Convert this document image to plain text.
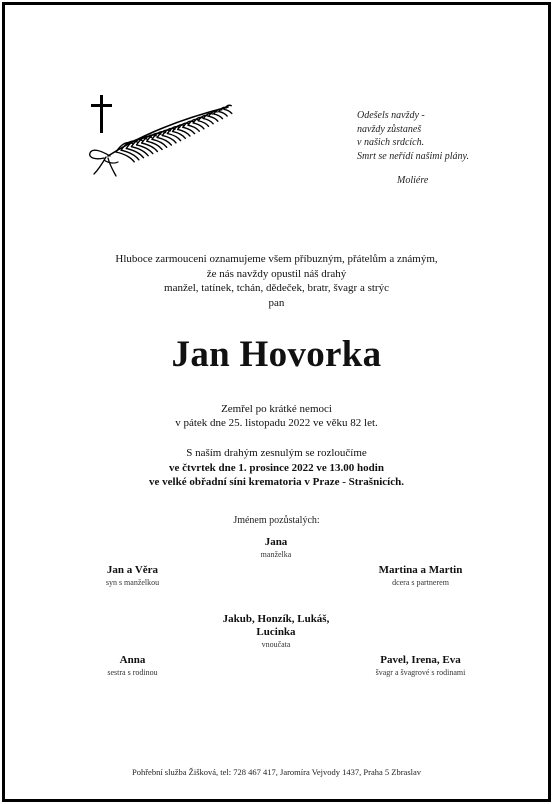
Odešels navždy -
navždy zůstaneš
v našich srdcích.
Smrt se neřídí našimi plány.
Moliére
Hluboce zarmouceni oznamujeme všem příbuzným, přátelům a známým,
že nás navždy opustil náš drahý
manžel, tatínek, tchán, dědeček, bratr, švagr a strýc
pan
Jan Hovorka
Zemřel po krátké nemoci
v pátek dne 25. listopadu 2022 ve věku 82 let.
S naším drahým zesnulým se rozloučíme
ve čtvrtek dne 1. prosince 2022 ve 13.00 hodin
ve velké obřadní síni krematoria v Praze - Strašnicích.
Jménem pozůstalých:
Jana
manželka
Jan a Věra
syn s manželkou
Martina a Martin
dcera s partnerem
Jakub, Honzík, Lukáš,
Lucinka
vnoučata
Anna
sestra s rodinou
Pavel, Irena, Eva
švagr a švagrové s rodinami
Pohřební služba Žišková, tel: 728 467 417, Jaromíra Vejvody 1437, Praha 5 Zbraslav
